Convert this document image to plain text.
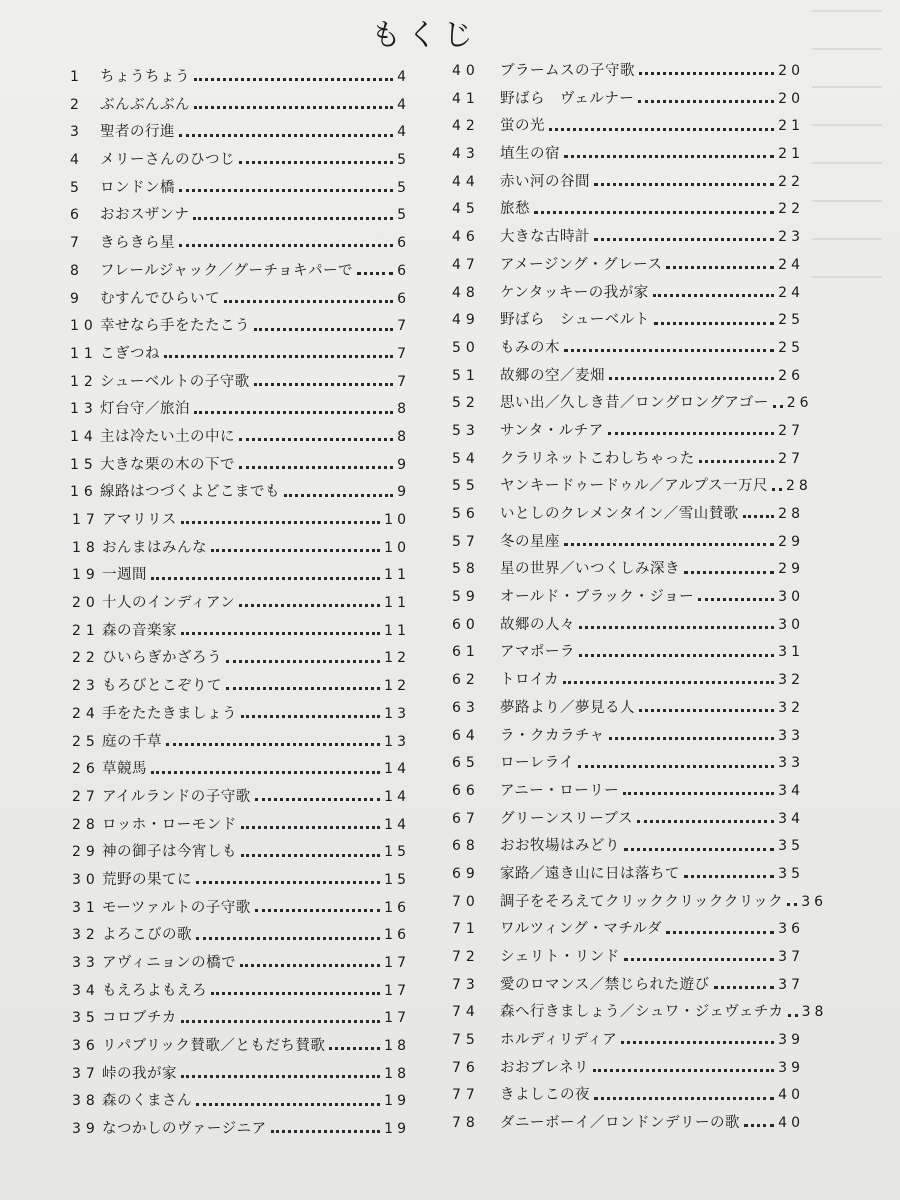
もくじ
1	ちょうちょう	4
2	ぶんぶんぶん	4
3	聖者の行進	4
4	メリーさんのひつじ	5
5	ロンドン橋	5
6	おおスザンナ	5
7	きらきら星	6
8	フレールジャック／グーチョキパーで	6
9	むすんでひらいて	6
10 幸せなら手をたたこう	7
11 こぎつね	7
12 シューベルトの子守歌	7
13 灯台守／旅泊	8
14 主は冷たい土の中に	8
15 大きな栗の木の下で	9
16 線路はつづくよどこまでも	9
17 アマリリス	10
18 おんまはみんな	10
19 一週間	11
20 十人のインディアン	11
21 森の音楽家	11
22 ひいらぎかざろう	12
23 もろびとこぞりて	12
24 手をたたきましょう	13
25 庭の千草	13
26 草競馬	14
27 アイルランドの子守歌	14
28 ロッホ・ローモンド	14
29 神の御子は今宵しも	15
30 荒野の果てに	15
31 モーツァルトの子守歌	16
32 よろこびの歌	16
33 アヴィニョンの橋で	17
34 もえろよもえろ	17
35 コロブチカ	17
36 リパブリック賛歌／ともだち賛歌	18
37 峠の我が家	18
38 森のくまさん	19
39 なつかしのヴァージニア	19
40	ブラームスの子守歌	20
41	野ばら　ヴェルナー	20
42	蛍の光	21
43	埴生の宿	21
44	赤い河の谷間	22
45	旅愁	22
46	大きな古時計	23
47	アメージング・グレース	24
48	ケンタッキーの我が家	24
49	野ばら　シューベルト	25
50	もみの木	25
51	故郷の空／麦畑	26
52	思い出／久しき昔／ロングロングアゴー 26
53	サンタ・ルチア	27
54	クラリネットこわしちゃった	27
55	ヤンキードゥードゥル／アルプス一万尺 28
56	いとしのクレメンタイン／雪山賛歌	28
57	冬の星座	29
58	星の世界／いつくしみ深き	29
59	オールド・ブラック・ジョー	30
60	故郷の人々	30
61	アマポーラ	31
62	トロイカ	32
63	夢路より／夢見る人	32
64	ラ・クカラチャ	33
65	ローレライ	33
66	アニー・ローリー	34
67	グリーンスリーブス	34
68	おお牧場はみどり	35
69	家路／遠き山に日は落ちて	35
70	調子をそろえてクリッククリッククリック 36
71	ワルツィング・マチルダ	36
72	シェリト・リンド	37
73	愛のロマンス／禁じられた遊び	37
74	森へ行きましょう／シュワ・ジェヴェチカ 38
75	ホルディリディア	39
76	おおブレネリ	39
77	きよしこの夜	40
78	ダニーボーイ／ロンドンデリーの歌	40
